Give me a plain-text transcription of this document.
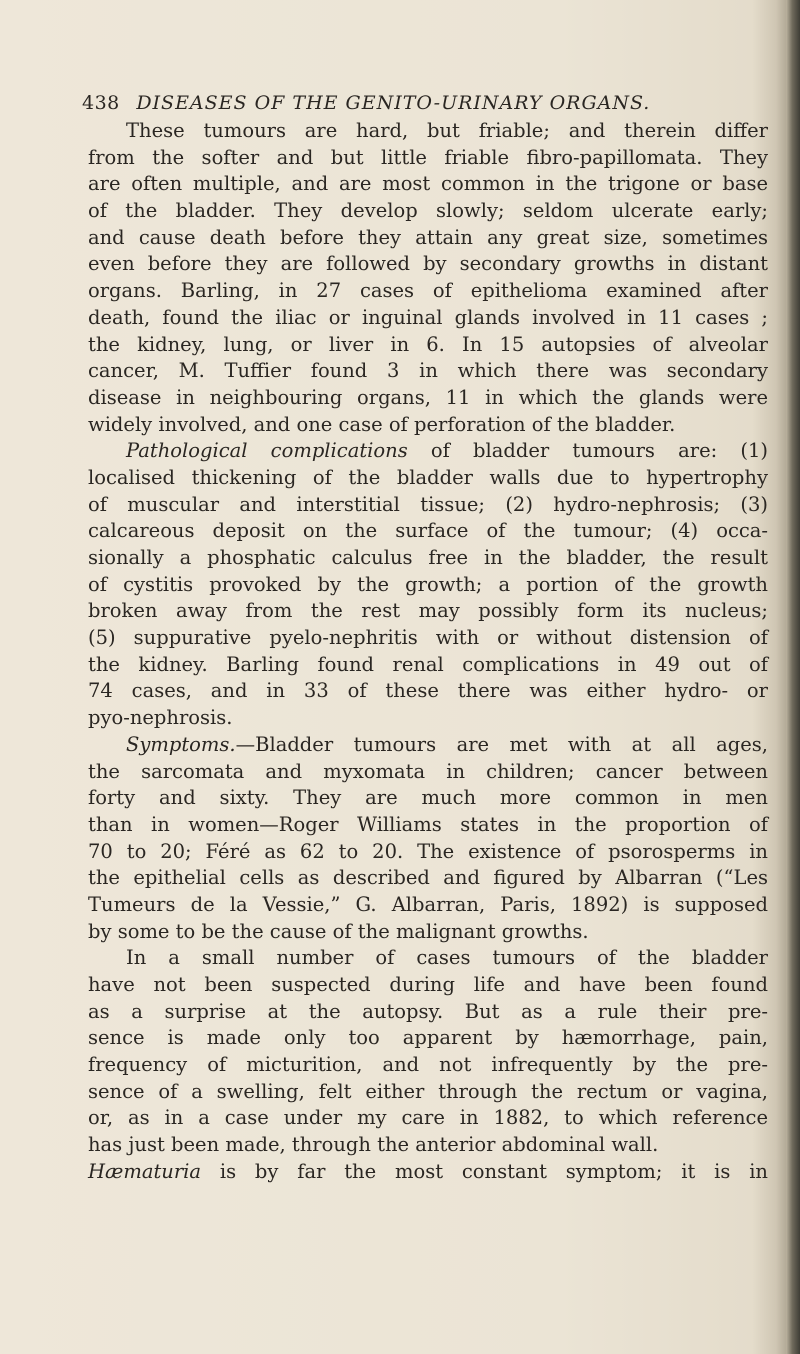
438 DISEASES OF THE GENITO-URINARY ORGANS.
These tumours are hard, but friable; and therein differ
from the softer and but little friable fibro-papillomata. They
are often multiple, and are most common in the trigone or base
of the bladder. They develop slowly; seldom ulcerate early;
and cause death before they attain any great size, sometimes
even before they are followed by secondary growths in distant
organs. Barling, in 27 cases of epithelioma examined after
death, found the iliac or inguinal glands involved in 11 cases ;
the kidney, lung, or liver in 6. In 15 autopsies of alveolar
cancer, M. Tuffier found 3 in which there was secondary
disease in neighbouring organs, 11 in which the glands were
widely involved, and one case of perforation of the bladder.
Pathological complications of bladder tumours are: (1)
localised thickening of the bladder walls due to hypertrophy
of muscular and interstitial tissue; (2) hydro-nephrosis; (3)
calcareous deposit on the surface of the tumour; (4) occa-
sionally a phosphatic calculus free in the bladder, the result
of cystitis provoked by the growth; a portion of the growth
broken away from the rest may possibly form its nucleus;
(5) suppurative pyelo-nephritis with or without distension of
the kidney. Barling found renal complications in 49 out of
74 cases, and in 33 of these there was either hydro- or
pyo-nephrosis.
Symptoms.—Bladder tumours are met with at all ages,
the sarcomata and myxomata in children; cancer between
forty and sixty. They are much more common in men
than in women—Roger Williams states in the proportion of
70 to 20; Féré as 62 to 20. The existence of psorosperms in
the epithelial cells as described and figured by Albarran (“Les
Tumeurs de la Vessie,” G. Albarran, Paris, 1892) is supposed
by some to be the cause of the malignant growths.
In a small number of cases tumours of the bladder
have not been suspected during life and have been found
as a surprise at the autopsy. But as a rule their pre-
sence is made only too apparent by hæmorrhage, pain,
frequency of micturition, and not infrequently by the pre-
sence of a swelling, felt either through the rectum or vagina,
or, as in a case under my care in 1882, to which reference
has just been made, through the anterior abdominal wall.
Hæmaturia is by far the most constant symptom; it is in
